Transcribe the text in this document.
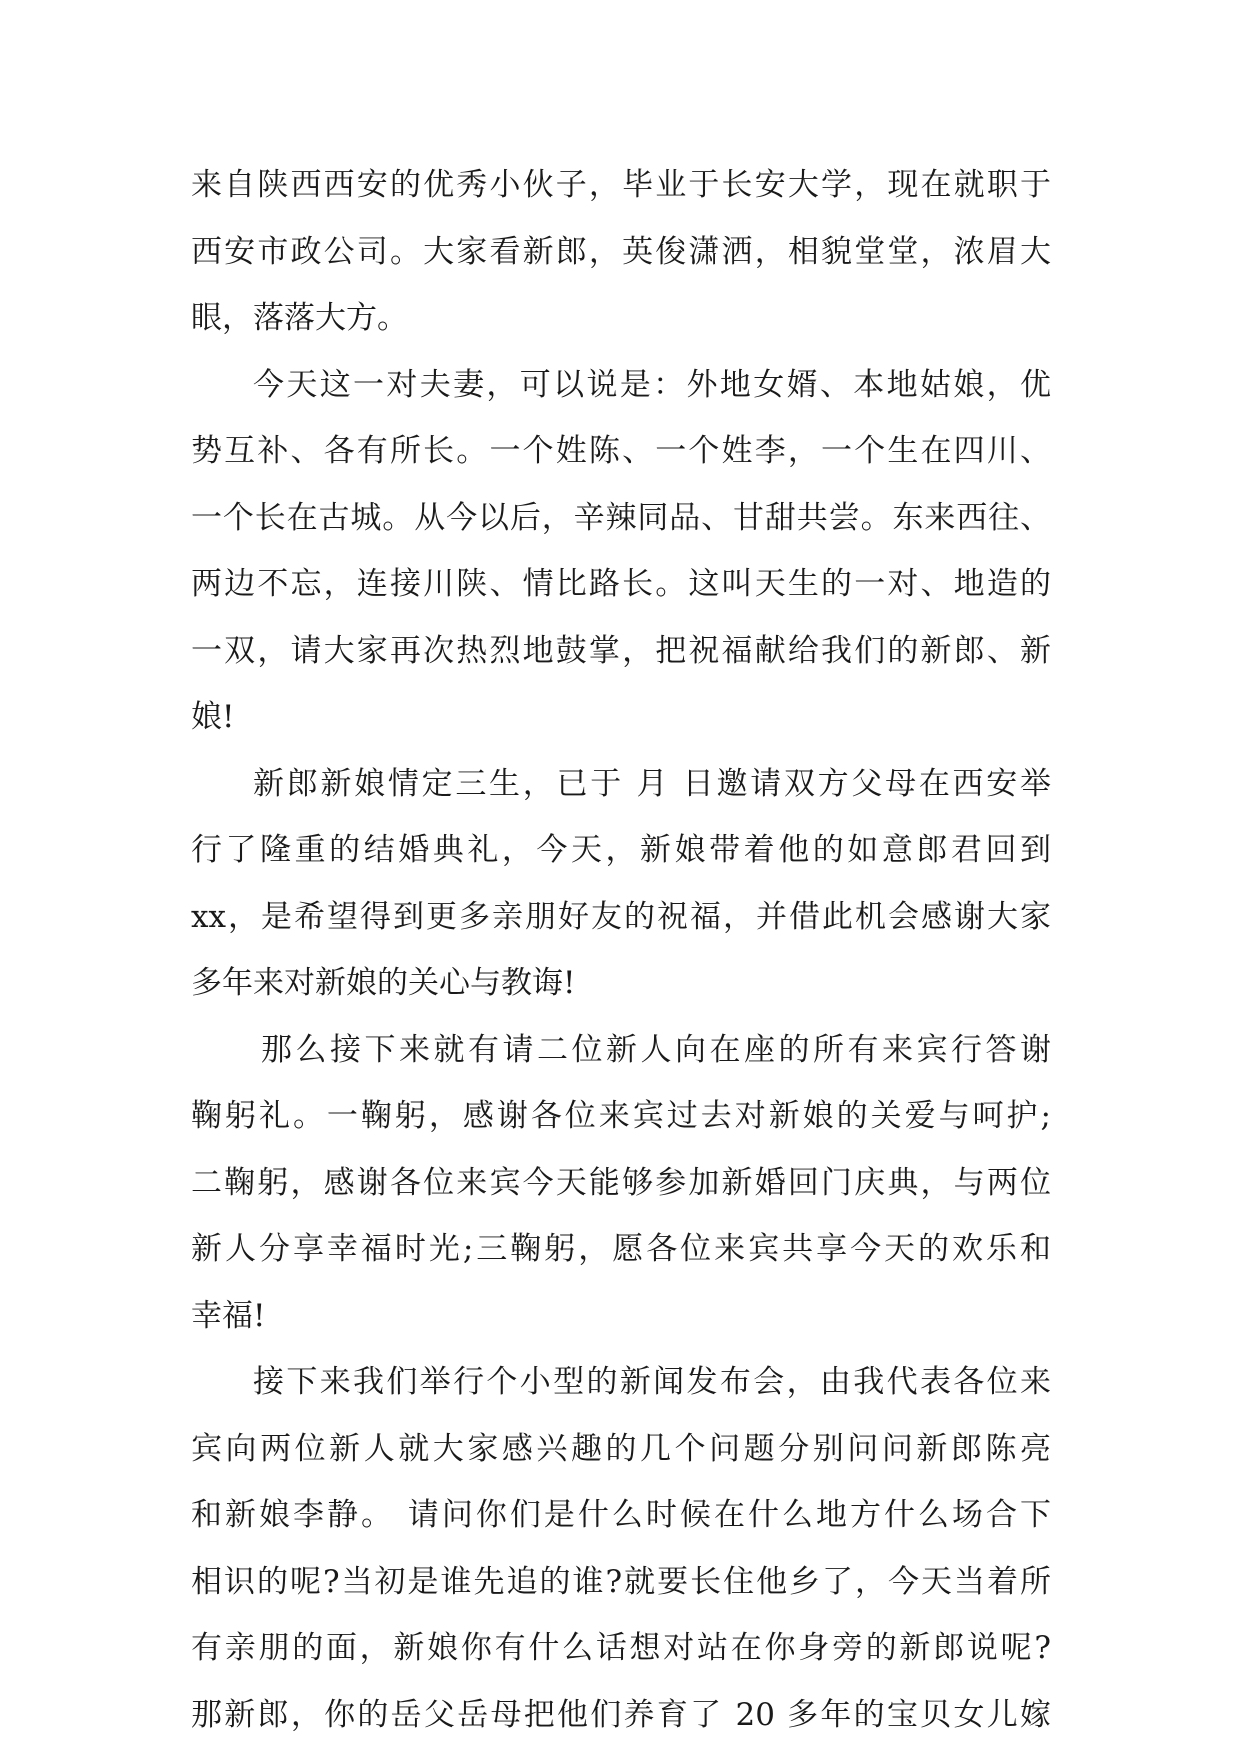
来自陕西西安的优秀小伙子，毕业于长安大学，现在就职于
西安市政公司。大家看新郎，英俊潇洒，相貌堂堂，浓眉大
眼，落落大方。
今天这一对夫妻，可以说是：外地女婿、本地姑娘，优
势互补、各有所长。一个姓陈、一个姓李，一个生在四川、
一个长在古城。从今以后，辛辣同品、甘甜共尝。东来西往、
两边不忘，连接川陕、情比路长。这叫天生的一对、地造的
一双，请大家再次热烈地鼓掌，把祝福献给我们的新郎、新
娘!
新郎新娘情定三生，已于 月 日邀请双方父母在西安举
行了隆重的结婚典礼，今天，新娘带着他的如意郎君回到
xx，是希望得到更多亲朋好友的祝福，并借此机会感谢大家
多年来对新娘的关心与教诲!
那么接下来就有请二位新人向在座的所有来宾行答谢
鞠躬礼。一鞠躬，感谢各位来宾过去对新娘的关爱与呵护;
二鞠躬，感谢各位来宾今天能够参加新婚回门庆典，与两位
新人分享幸福时光;三鞠躬，愿各位来宾共享今天的欢乐和
幸福!
接下来我们举行个小型的新闻发布会，由我代表各位来
宾向两位新人就大家感兴趣的几个问题分别问问新郎陈亮
和新娘李静。 请问你们是什么时候在什么地方什么场合下
相识的呢?当初是谁先追的谁?就要长住他乡了，今天当着所
有亲朋的面，新娘你有什么话想对站在你身旁的新郎说呢?
那新郎，你的岳父岳母把他们养育了 20 多年的宝贝女儿嫁
